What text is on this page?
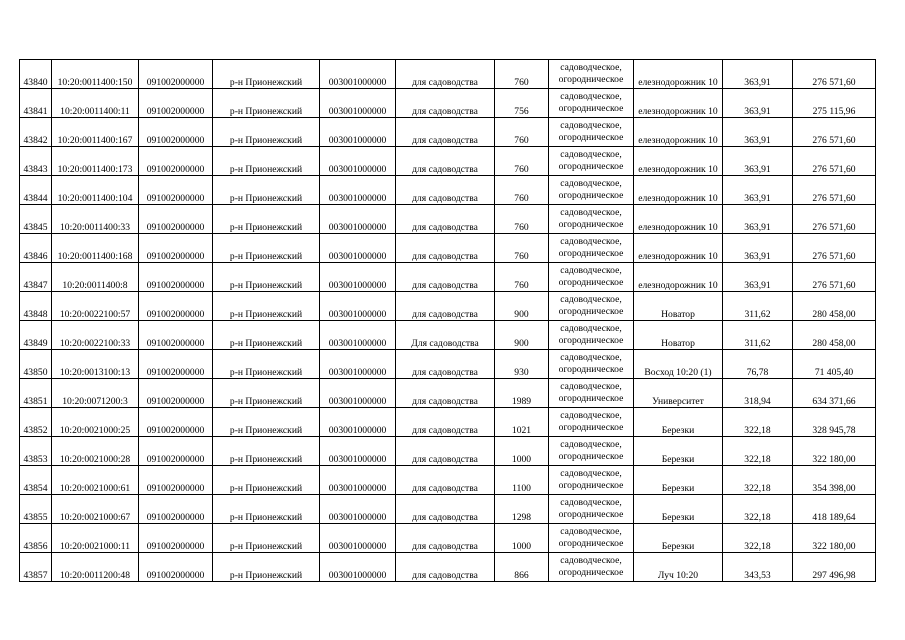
43840	10:20:0011400:150	091002000000	р-н Прионежский	003001000000	для садоводства	760	садоводческое,
огородническое	елезнодорожник 10	363,91	276 571,60
43841	10:20:0011400:11	091002000000	р-н Прионежский	003001000000	для садоводства	756	садоводческое,
огородническое	елезнодорожник 10	363,91	275 115,96
43842	10:20:0011400:167	091002000000	р-н Прионежский	003001000000	для садоводства	760	садоводческое,
огородническое	елезнодорожник 10	363,91	276 571,60
43843	10:20:0011400:173	091002000000	р-н Прионежский	003001000000	для садоводства	760	садоводческое,
огородническое	елезнодорожник 10	363,91	276 571,60
43844	10:20:0011400:104	091002000000	р-н Прионежский	003001000000	для садоводства	760	садоводческое,
огородническое	елезнодорожник 10	363,91	276 571,60
43845	10:20:0011400:33	091002000000	р-н Прионежский	003001000000	для садоводства	760	садоводческое,
огородническое	елезнодорожник 10	363,91	276 571,60
43846	10:20:0011400:168	091002000000	р-н Прионежский	003001000000	для садоводства	760	садоводческое,
огородническое	елезнодорожник 10	363,91	276 571,60
43847	10:20:0011400:8	091002000000	р-н Прионежский	003001000000	для садоводства	760	садоводческое,
огородническое	елезнодорожник 10	363,91	276 571,60
43848	10:20:0022100:57	091002000000	р-н Прионежский	003001000000	для садоводства	900	садоводческое,
огородническое	Новатор	311,62	280 458,00
43849	10:20:0022100:33	091002000000	р-н Прионежский	003001000000	Для садоводства	900	садоводческое,
огородническое	Новатор	311,62	280 458,00
43850	10:20:0013100:13	091002000000	р-н Прионежский	003001000000	для садоводства	930	садоводческое,
огородническое	Восход 10:20 (1)	76,78	71 405,40
43851	10:20:0071200:3	091002000000	р-н Прионежский	003001000000	для садоводства	1989	садоводческое,
огородническое	Университет	318,94	634 371,66
43852	10:20:0021000:25	091002000000	р-н Прионежский	003001000000	для садоводства	1021	садоводческое,
огородническое	Березки	322,18	328 945,78
43853	10:20:0021000:28	091002000000	р-н Прионежский	003001000000	для садоводства	1000	садоводческое,
огородническое	Березки	322,18	322 180,00
43854	10:20:0021000:61	091002000000	р-н Прионежский	003001000000	для садоводства	1100	садоводческое,
огородническое	Березки	322,18	354 398,00
43855	10:20:0021000:67	091002000000	р-н Прионежский	003001000000	для садоводства	1298	садоводческое,
огородническое	Березки	322,18	418 189,64
43856	10:20:0021000:11	091002000000	р-н Прионежский	003001000000	для садоводства	1000	садоводческое,
огородническое	Березки	322,18	322 180,00
43857	10:20:0011200:48	091002000000	р-н Прионежский	003001000000	для садоводства	866	садоводческое,
огородническое	Луч 10:20	343,53	297 496,98
